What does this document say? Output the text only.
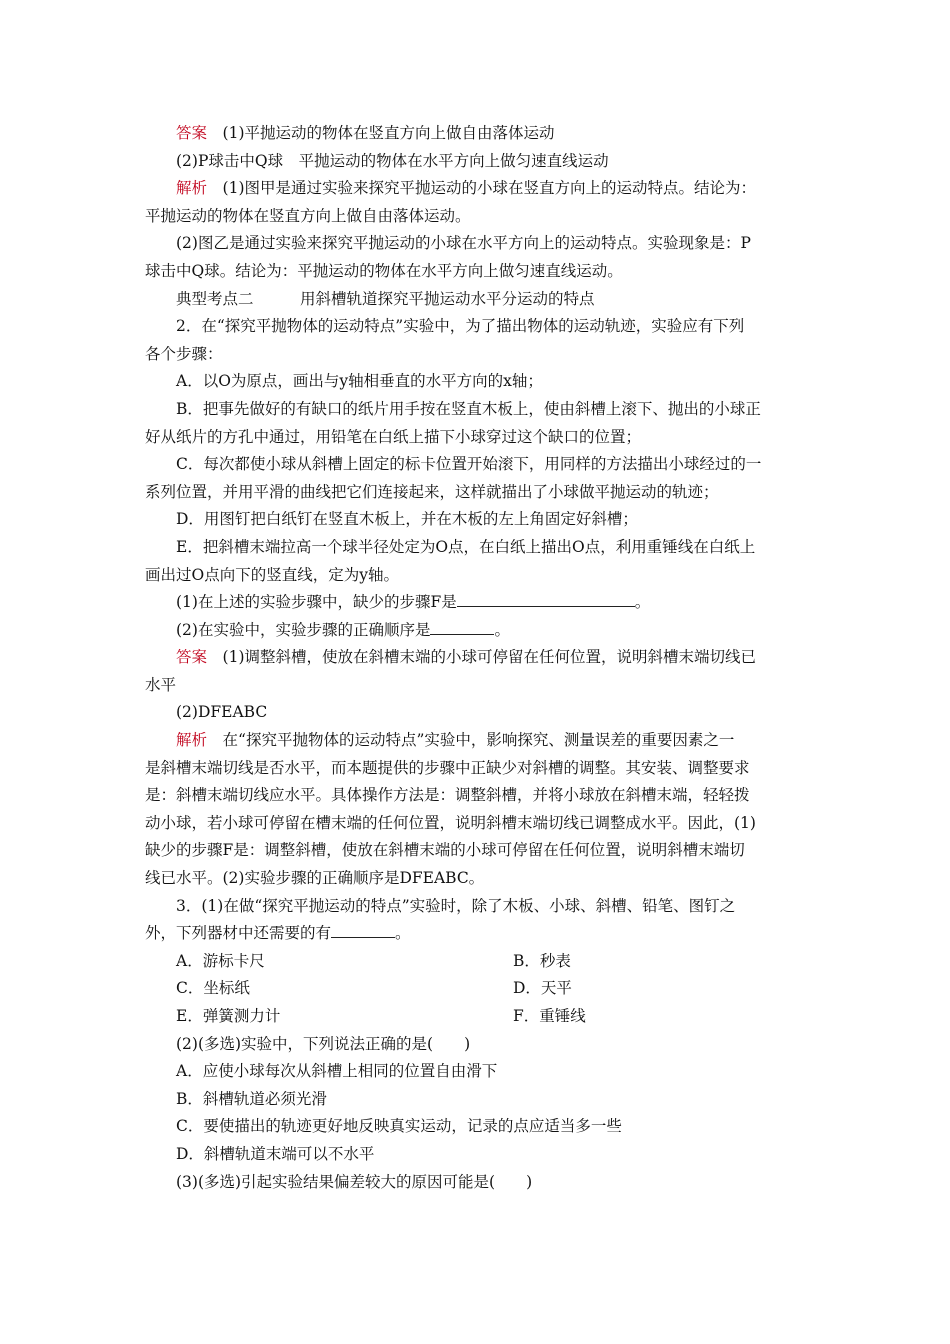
答案　 (1)平抛运动的物体在竖直方向上做自由落体运动
(2)P球击中Q球　平抛运动的物体在水平方向上做匀速直线运动
解析　 (1)图甲是通过实验来探究平抛运动的小球在竖直方向上的运动特点。结论为：
平抛运动的物体在竖直方向上做自由落体运动。
(2)图乙是通过实验来探究平抛运动的小球在水平方向上的运动特点。实验现象是：P
球击中Q球。结论为：平抛运动的物体在水平方向上做匀速直线运动。
典型考点二　　　用斜槽轨道探究平抛运动水平分运动的特点
2．在“探究平抛物体的运动特点”实验中，为了描出物体的运动轨迹，实验应有下列
各个步骤：
A．以O为原点，画出与y轴相垂直的水平方向的x轴；
B．把事先做好的有缺口的纸片用手按在竖直木板上，使由斜槽上滚下、抛出的小球正
好从纸片的方孔中通过，用铅笔在白纸上描下小球穿过这个缺口的位置；
C．每次都使小球从斜槽上固定的标卡位置开始滚下，用同样的方法描出小球经过的一
系列位置，并用平滑的曲线把它们连接起来，这样就描出了小球做平抛运动的轨迹；
D．用图钉把白纸钉在竖直木板上，并在木板的左上角固定好斜槽；
E．把斜槽末端拉高一个球半径处定为O点，在白纸上描出O点，利用重锤线在白纸上
画出过O点向下的竖直线，定为y轴。
(1)在上述的实验步骤中，缺少的步骤F是	。
(2)在实验中，实验步骤的正确顺序是	。
答案　 (1)调整斜槽，使放在斜槽末端的小球可停留在任何位置，说明斜槽末端切线已
水平
(2)DFEABC
解析　 在“探究平抛物体的运动特点”实验中，影响探究、测量误差的重要因素之一
是斜槽末端切线是否水平，而本题提供的步骤中正缺少对斜槽的调整。其安装、调整要求
是：斜槽末端切线应水平。具体操作方法是：调整斜槽，并将小球放在斜槽末端，轻轻拨
动小球，若小球可停留在槽末端的任何位置，说明斜槽末端切线已调整成水平。因此，(1)
缺少的步骤F是：调整斜槽，使放在斜槽末端的小球可停留在任何位置，说明斜槽末端切
线已水平。(2)实验步骤的正确顺序是DFEABC。
3．(1)在做“探究平抛运动的特点”实验时，除了木板、小球、斜槽、铅笔、图钉之
外，下列器材中还需要的有	。
A．游标卡尺	B．秒表
C．坐标纸	D．天平
E．弹簧测力计	F．重锤线
(2)(多选)实验中，下列说法正确的是(　　)
A．应使小球每次从斜槽上相同的位置自由滑下
B．斜槽轨道必须光滑
C．要使描出的轨迹更好地反映真实运动，记录的点应适当多一些
D．斜槽轨道末端可以不水平
(3)(多选)引起实验结果偏差较大的原因可能是(　　)
